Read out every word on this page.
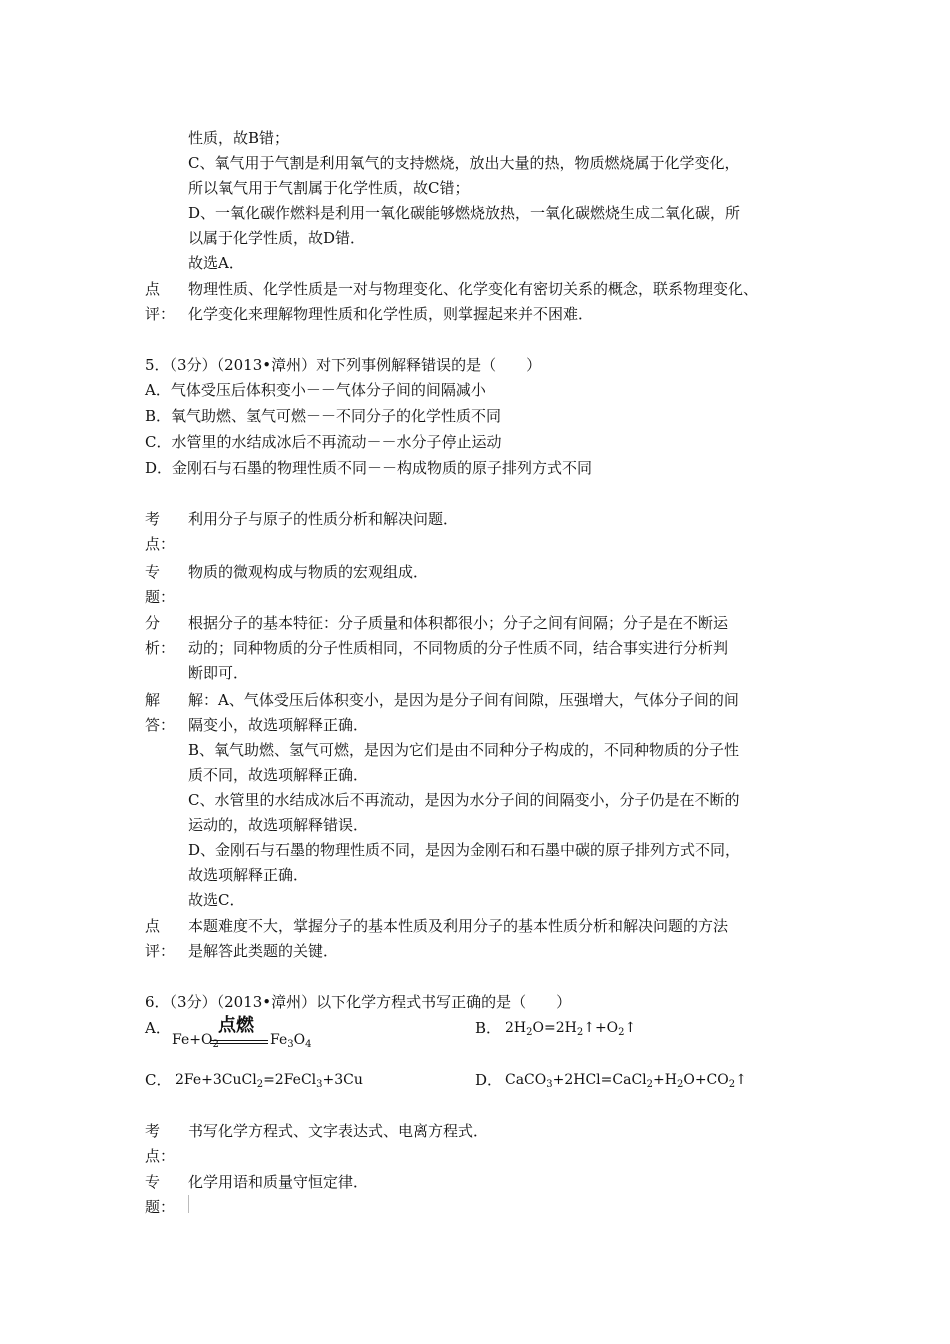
性质，故B错；
C、氧气用于气割是利用氧气的支持燃烧，放出大量的热，物质燃烧属于化学变化，
所以氧气用于气割属于化学性质，故C错；
D、一氧化碳作燃料是利用一氧化碳能够燃烧放热，一氧化碳燃烧生成二氧化碳，所
以属于化学性质，故D错．
故选A．
点
评：
物理性质、化学性质是一对与物理变化、化学变化有密切关系的概念，联系物理变化、
化学变化来理解物理性质和化学性质，则掌握起来并不困难．
5．（3分）（2013•漳州）对下列事例解释错误的是（　　）
A．气体受压后体积变小－－气体分子间的间隔减小
B．氧气助燃、氢气可燃－－不同分子的化学性质不同
C．水管里的水结成冰后不再流动－－水分子停止运动
D．金刚石与石墨的物理性质不同－－构成物质的原子排列方式不同
考
点：
利用分子与原子的性质分析和解决问题．
专
题：
物质的微观构成与物质的宏观组成．
分
析：
根据分子的基本特征：分子质量和体积都很小；分子之间有间隔；分子是在不断运
动的；同种物质的分子性质相同，不同物质的分子性质不同，结合事实进行分析判
断即可．
解
答：
解：A、气体受压后体积变小，是因为是分子间有间隙，压强增大，气体分子间的间
隔变小，故选项解释正确．
B、氧气助燃、氢气可燃，是因为它们是由不同种分子构成的，不同种物质的分子性
质不同，故选项解释正确．
C、水管里的水结成冰后不再流动，是因为水分子间的间隔变小，分子仍是在不断的
运动的，故选项解释错误．
D、金刚石与石墨的物理性质不同，是因为金刚石和石墨中碳的原子排列方式不同，
故选项解释正确．
故选C．
点
评：
本题难度不大，掌握分子的基本性质及利用分子的基本性质分析和解决问题的方法
是解答此类题的关键．
6．（3分）（2013•漳州）以下化学方程式书写正确的是（　　）
A．	点燃
$Fe+O_2$	$Fe_3O_4$
B． $2H_2O=2H_2↑+O_2↑$
C． 2Fe+3CuCl$_2$=2FeCl$_3$+3Cu	D． $CaCO_3+2HCl=CaCl_2+H_2O+CO_2↑$
考
点：
书写化学方程式、文字表达式、电离方程式．
专
题：
化学用语和质量守恒定律．
